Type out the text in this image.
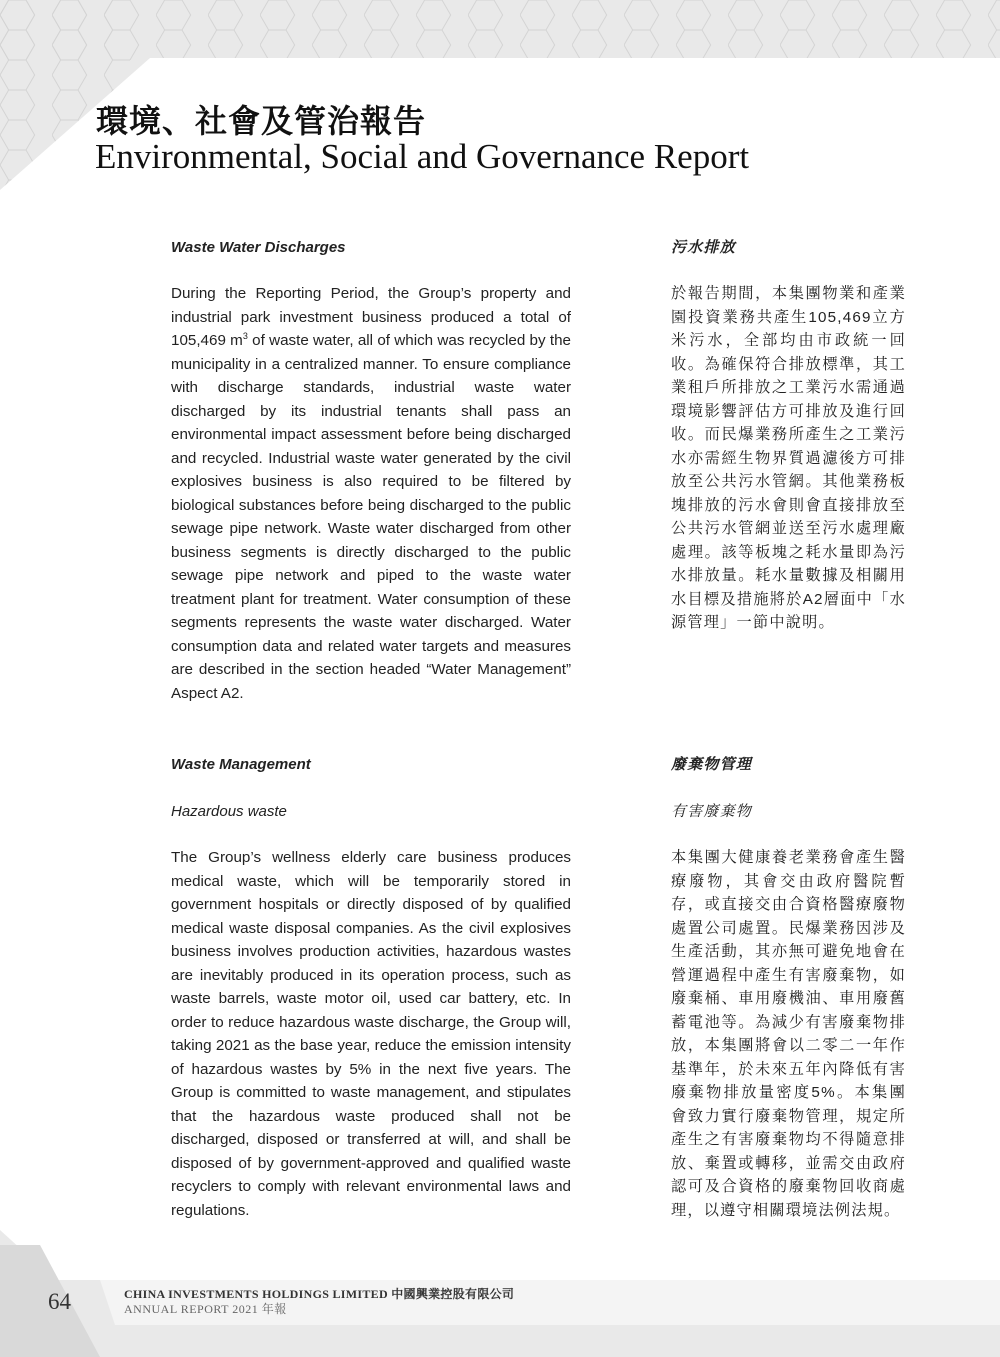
環境、社會及管治報告
Environmental, Social and Governance Report
Waste Water Discharges	污水排放
During the Reporting Period, the Group’s property and industrial park investment business produced a total of 105,469 $m^3$ of waste water, all of which was recycled by the municipality in a centralized manner. To ensure compliance with discharge standards, industrial waste water discharged by its industrial tenants shall pass an environmental impact assessment before being discharged and recycled. Industrial waste water generated by the civil explosives business is also required to be filtered by biological substances before being discharged to the public sewage pipe network. Waste water discharged from other business segments is directly discharged to the public sewage pipe network and piped to the waste water treatment plant for treatment. Water consumption of these segments represents the waste water discharged. Water consumption data and related water targets and measures are described in the section headed “Water Management” Aspect A2.
於報告期間，本集團物業和產業園投資業務共產生105,469立方米污水，全部均由市政統一回收。為確保符合排放標準，其工業租戶所排放之工業污水需通過環境影響評估方可排放及進行回收。而民爆業務所產生之工業污水亦需經生物界質過濾後方可排放至公共污水管網。其他業務板塊排放的污水會則會直接排放至公共污水管網並送至污水處理廠處理。該等板塊之耗水量即為污水排放量。耗水量數據及相關用水目標及措施將於A2層面中「水源管理」一節中說明。
Waste Management	廢棄物管理
Hazardous waste	有害廢棄物
The Group’s wellness elderly care business produces medical waste, which will be temporarily stored in government hospitals or directly disposed of by qualified medical waste disposal companies. As the civil explosives business involves production activities, hazardous wastes are inevitably produced in its operation process, such as waste barrels, waste motor oil, used car battery, etc. In order to reduce hazardous waste discharge, the Group will, taking 2021 as the base year, reduce the emission intensity of hazardous wastes by 5% in the next five years. The Group is committed to waste management, and stipulates that the hazardous waste produced shall not be discharged, disposed or transferred at will, and shall be disposed of by government-approved and qualified waste recyclers to comply with relevant environmental laws and regulations.
本集團大健康養老業務會產生醫療廢物，其會交由政府醫院暫存，或直接交由合資格醫療廢物處置公司處置。民爆業務因涉及生產活動，其亦無可避免地會在營運過程中產生有害廢棄物，如廢棄桶、車用廢機油、車用廢舊蓄電池等。為減少有害廢棄物排放，本集團將會以二零二一年作基準年，於未來五年內降低有害廢棄物排放量密度5%。本集團會致力實行廢棄物管理，規定所產生之有害廢棄物均不得隨意排放、棄置或轉移，並需交由政府認可及合資格的廢棄物回收商處理，以遵守相關環境法例法規。
64	CHINA INVESTMENTS HOLDINGS LIMITED 中國興業控股有限公司
ANNUAL REPORT 2021 年報
